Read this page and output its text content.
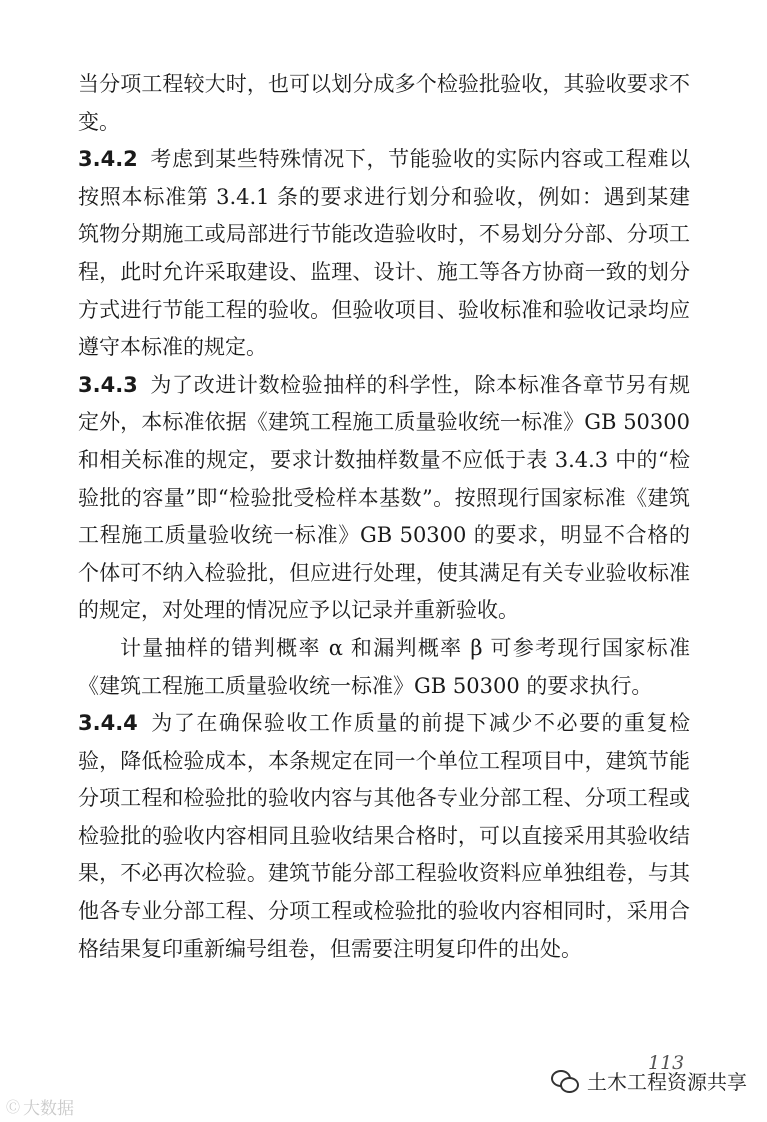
当分项工程较大时，也可以划分成多个检验批验收，其验收要求不变。

3.4.2 考虑到某些特殊情况下，节能验收的实际内容或工程难以按照本标准第 3.4.1 条的要求进行划分和验收，例如：遇到某建筑物分期施工或局部进行节能改造验收时，不易划分分部、分项工程，此时允许采取建设、监理、设计、施工等各方协商一致的划分方式进行节能工程的验收。但验收项目、验收标准和验收记录均应遵守本标准的规定。

3.4.3 为了改进计数检验抽样的科学性，除本标准各章节另有规定外，本标准依据《建筑工程施工质量验收统一标准》GB 50300 和相关标准的规定，要求计数抽样数量不应低于表 3.4.3 中的“检验批的容量”即“检验批受检样本基数”。按照现行国家标准《建筑工程施工质量验收统一标准》GB 50300 的要求，明显不合格的个体可不纳入检验批，但应进行处理，使其满足有关专业验收标准的规定，对处理的情况应予以记录并重新验收。

计量抽样的错判概率 α 和漏判概率 β 可参考现行国家标准《建筑工程施工质量验收统一标准》GB 50300 的要求执行。

3.4.4 为了在确保验收工作质量的前提下减少不必要的重复检验，降低检验成本，本条规定在同一个单位工程项目中，建筑节能分项工程和检验批的验收内容与其他各专业分部工程、分项工程或检验批的验收内容相同且验收结果合格时，可以直接采用其验收结果，不必再次检验。建筑节能分部工程验收资料应单独组卷，与其他各专业分部工程、分项工程或检验批的验收内容相同时，采用合格结果复印重新编号组卷，但需要注明复印件的出处。

113
土木工程资源共享
Ⓒ 大数据
